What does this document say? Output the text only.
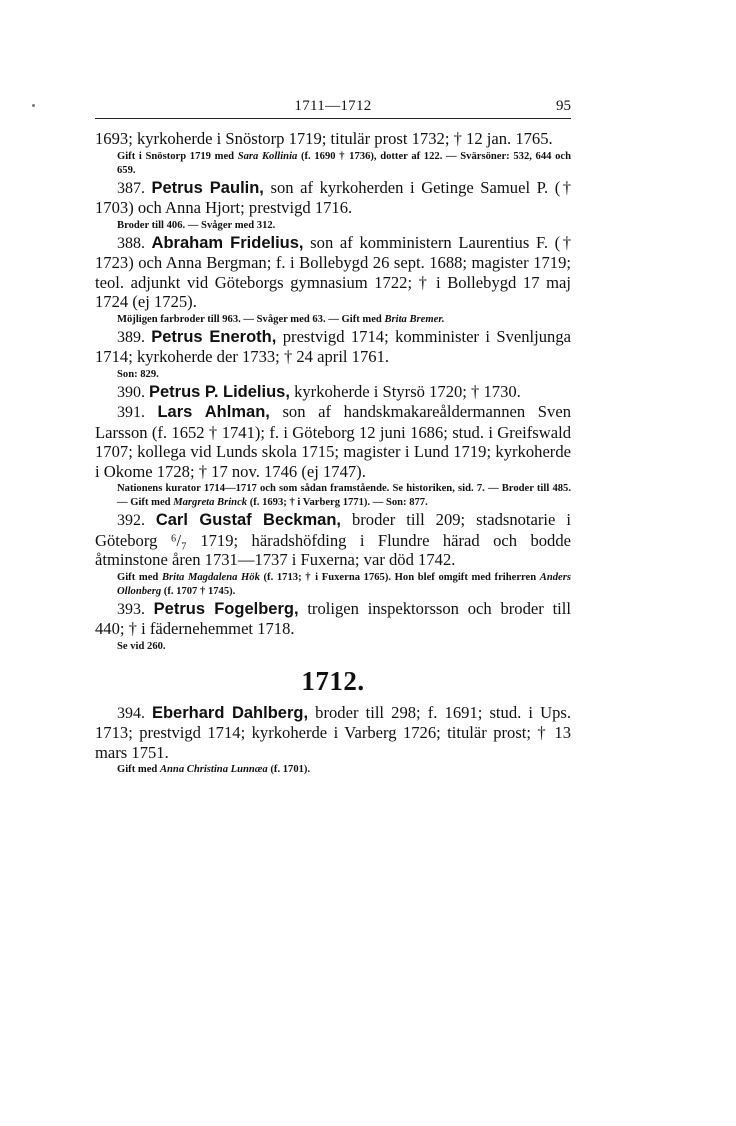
1711—1712	95

1693; kyrkoherde i Snöstorp 1719; titulär prost 1732; † 12 jan. 1765.

Gift i Snöstorp 1719 med Sara Kollinia (f. 1690 † 1736), dotter af 122. — Svärsöner: 532, 644 och 659.

387. Petrus Paulin, son af kyrkoherden i Getinge Samuel P. († 1703) och Anna Hjort; prestvigd 1716.

Broder till 406. — Svåger med 312.

388. Abraham Fridelius, son af komministern Laurentius F. († 1723) och Anna Bergman; f. i Bollebygd 26 sept. 1688; magister 1719; teol. adjunkt vid Göteborgs gymnasium 1722; † i Bollebygd 17 maj 1724 (ej 1725).

Möjligen farbroder till 963. — Svåger med 63. — Gift med Brita Bremer.

389. Petrus Eneroth, prestvigd 1714; komminister i Svenljunga 1714; kyrkoherde der 1733; † 24 april 1761.

Son: 829.

390. Petrus P. Lidelius, kyrkoherde i Styrsö 1720; † 1730.

391. Lars Ahlman, son af handskmakareåldermannen Sven Larsson (f. 1652 † 1741); f. i Göteborg 12 juni 1686; stud. i Greifswald 1707; kollega vid Lunds skola 1715; magister i Lund 1719; kyrkoherde i Okome 1728; † 17 nov. 1746 (ej 1747).

Nationens kurator 1714—1717 och som sådan framstående. Se historiken, sid. 7. — Broder till 485. — Gift med Margreta Brinck (f. 1693; † i Varberg 1771). — Son: 877.

392. Carl Gustaf Beckman, broder till 209; stadsnotarie i Göteborg ⁶/₇ 1719; häradshöfding i Flundre härad och bodde åtminstone åren 1731—1737 i Fuxerna; var död 1742.

Gift med Brita Magdalena Hök (f. 1713; † i Fuxerna 1765). Hon blef omgift med friherren Anders Ollonberg (f. 1707 † 1745).

393. Petrus Fogelberg, troligen inspektorsson och broder till 440; † i fädernehemmet 1718.

Se vid 260.
1712.

394. Eberhard Dahlberg, broder till 298; f. 1691; stud. i Ups. 1713; prestvigd 1714; kyrkoherde i Varberg 1726; titulär prost; † 13 mars 1751.

Gift med Anna Christina Lunnæa (f. 1701).
